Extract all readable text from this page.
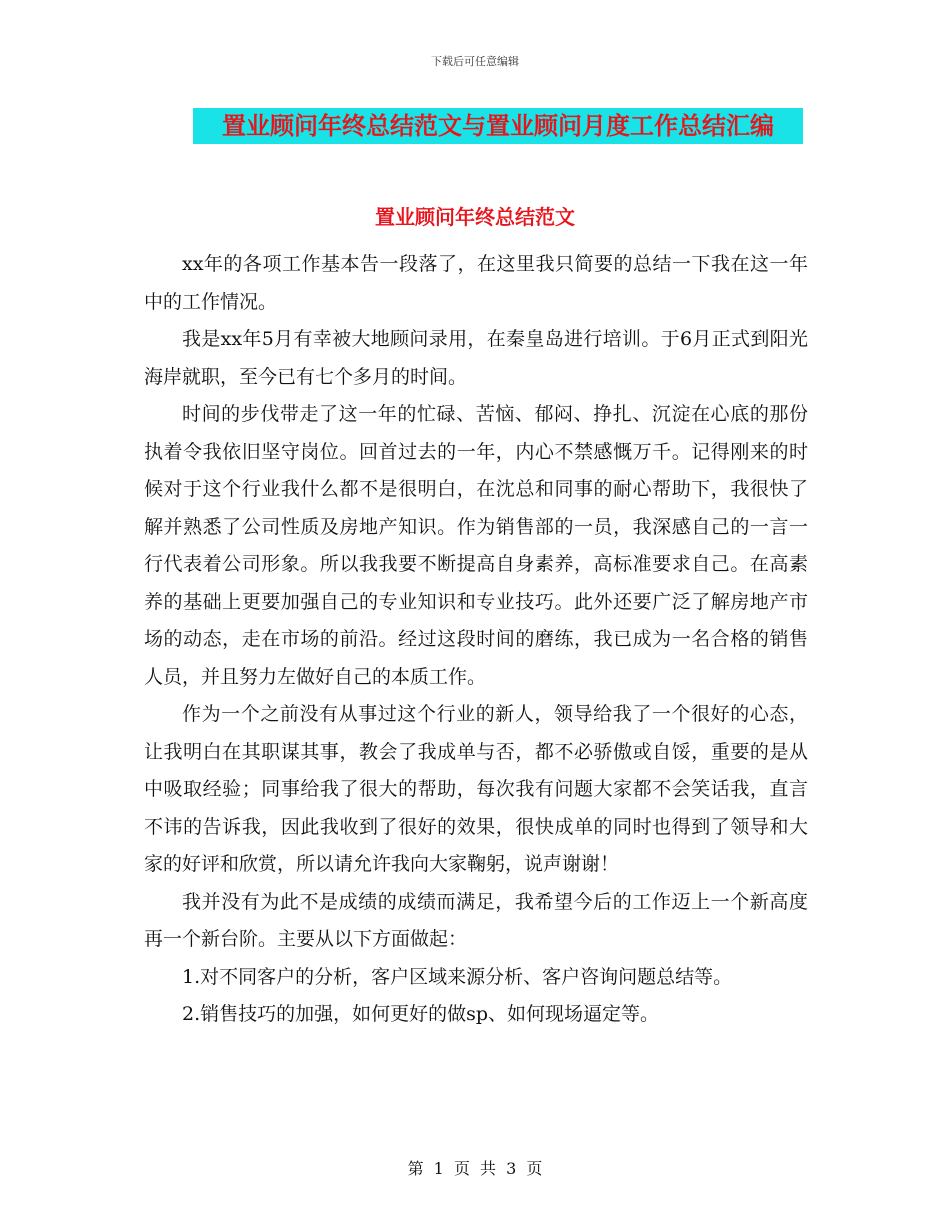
下载后可任意编辑
置业顾问年终总结范文与置业顾问月度工作总结汇编
置业顾问年终总结范文

xx年的各项工作基本告一段落了，在这里我只简要的总结一下我在这一年中的工作情况。

我是xx年5月有幸被大地顾问录用，在秦皇岛进行培训。于6月正式到阳光海岸就职，至今已有七个多月的时间。

时间的步伐带走了这一年的忙碌、苦恼、郁闷、挣扎、沉淀在心底的那份执着令我依旧坚守岗位。回首过去的一年，内心不禁感慨万千。记得刚来的时候对于这个行业我什么都不是很明白，在沈总和同事的耐心帮助下，我很快了解并熟悉了公司性质及房地产知识。作为销售部的一员，我深感自己的一言一行代表着公司形象。所以我我要不断提高自身素养，高标准要求自己。在高素养的基础上更要加强自己的专业知识和专业技巧。此外还要广泛了解房地产市场的动态，走在市场的前沿。经过这段时间的磨练，我已成为一名合格的销售人员，并且努力左做好自己的本质工作。

作为一个之前没有从事过这个行业的新人，领导给我了一个很好的心态，让我明白在其职谋其事，教会了我成单与否，都不必骄傲或自馁，重要的是从中吸取经验；同事给我了很大的帮助，每次我有问题大家都不会笑话我，直言不讳的告诉我，因此我收到了很好的效果，很快成单的同时也得到了领导和大家的好评和欣赏，所以请允许我向大家鞠躬，说声谢谢！

我并没有为此不是成绩的成绩而满足，我希望今后的工作迈上一个新高度再一个新台阶。主要从以下方面做起：

1.对不同客户的分析，客户区域来源分析、客户咨询问题总结等。

2.销售技巧的加强，如何更好的做sp、如何现场逼定等。

第 1 页 共 3 页
